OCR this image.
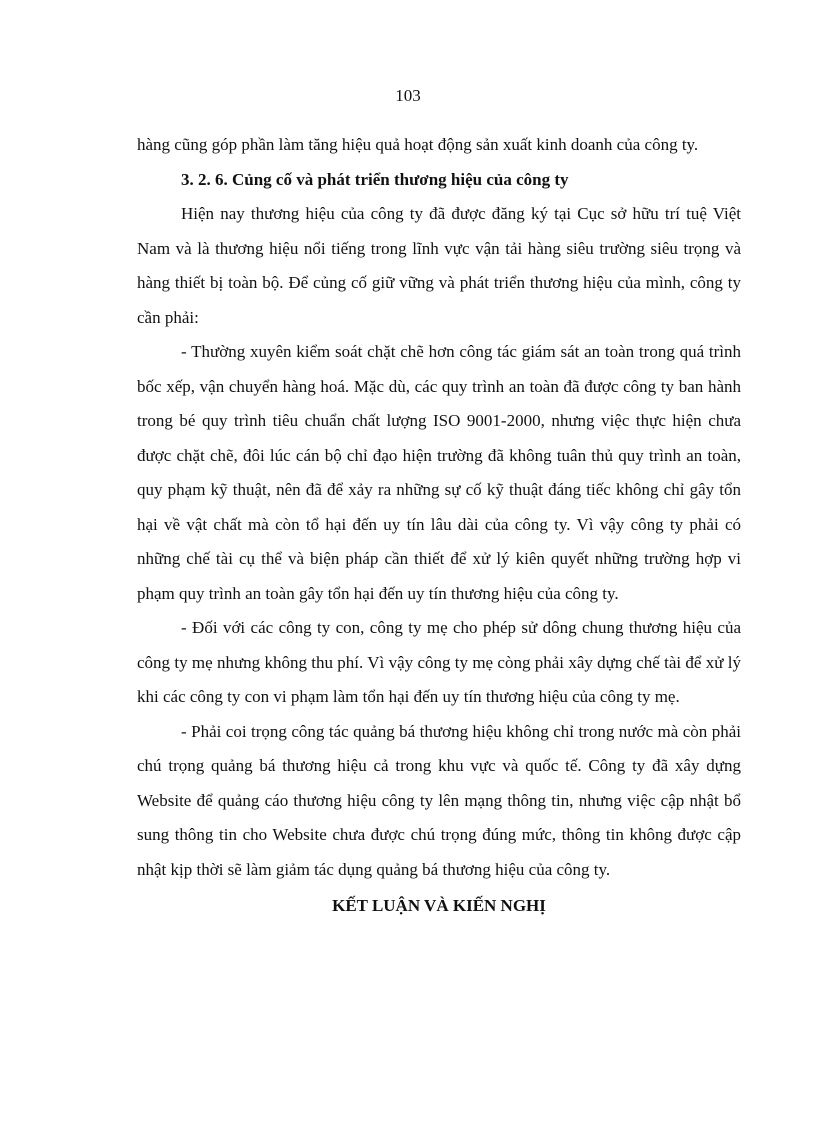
103

hàng cũng góp phần làm tăng hiệu quả hoạt động sản xuất kinh doanh của công ty.

3. 2. 6. Củng cố và phát triển thương hiệu của công ty

Hiện nay thương hiệu của công ty đã được đăng ký tại Cục sở hữu trí tuệ Việt Nam và là thương hiệu nổi tiếng trong lĩnh vực vận tải hàng siêu trường siêu trọng và hàng thiết bị toàn bộ. Để củng cố giữ vững và phát triển thương hiệu của mình, công ty cần phải:

- Thường xuyên kiểm soát chặt chẽ hơn công tác giám sát an toàn trong quá trình bốc xếp, vận chuyển hàng hoá. Mặc dù, các quy trình an toàn đã được công ty ban hành trong bé quy trình tiêu chuẩn chất lượng ISO 9001-2000, nhưng việc thực hiện chưa được chặt chẽ, đôi lúc cán bộ chỉ đạo hiện trường đã không tuân thủ quy trình an toàn, quy phạm kỹ thuật, nên đã để xảy ra những sự cố kỹ thuật đáng tiếc không chỉ gây tổn hại về vật chất mà còn tổ hại đến uy tín lâu dài của công ty. Vì vậy công ty phải có những chế tài cụ thể và biện pháp cần thiết để xử lý kiên quyết những trường hợp vi phạm quy trình an toàn gây tổn hại đến uy tín thương hiệu của công ty.

- Đối với các công ty con, công ty mẹ cho phép sử dông chung thương hiệu của công ty mẹ nhưng không thu phí. Vì vậy công ty mẹ còng phải xây dựng chế tài để xử lý khi các công ty con vi phạm làm tổn hại đến uy tín thương hiệu của công ty mẹ.

- Phải coi trọng công tác quảng bá thương hiệu không chỉ trong nước mà còn phải chú trọng quảng bá thương hiệu cả trong khu vực và quốc tế. Công ty đã xây dựng Website để quảng cáo thương hiệu công ty lên mạng thông tin, nhưng việc cập nhật bổ sung thông tin cho Website chưa được chú trọng đúng mức, thông tin không được cập nhật kịp thời sẽ làm giảm tác dụng quảng bá thương hiệu của công ty.

KẾT LUẬN VÀ KIẾN NGHỊ
